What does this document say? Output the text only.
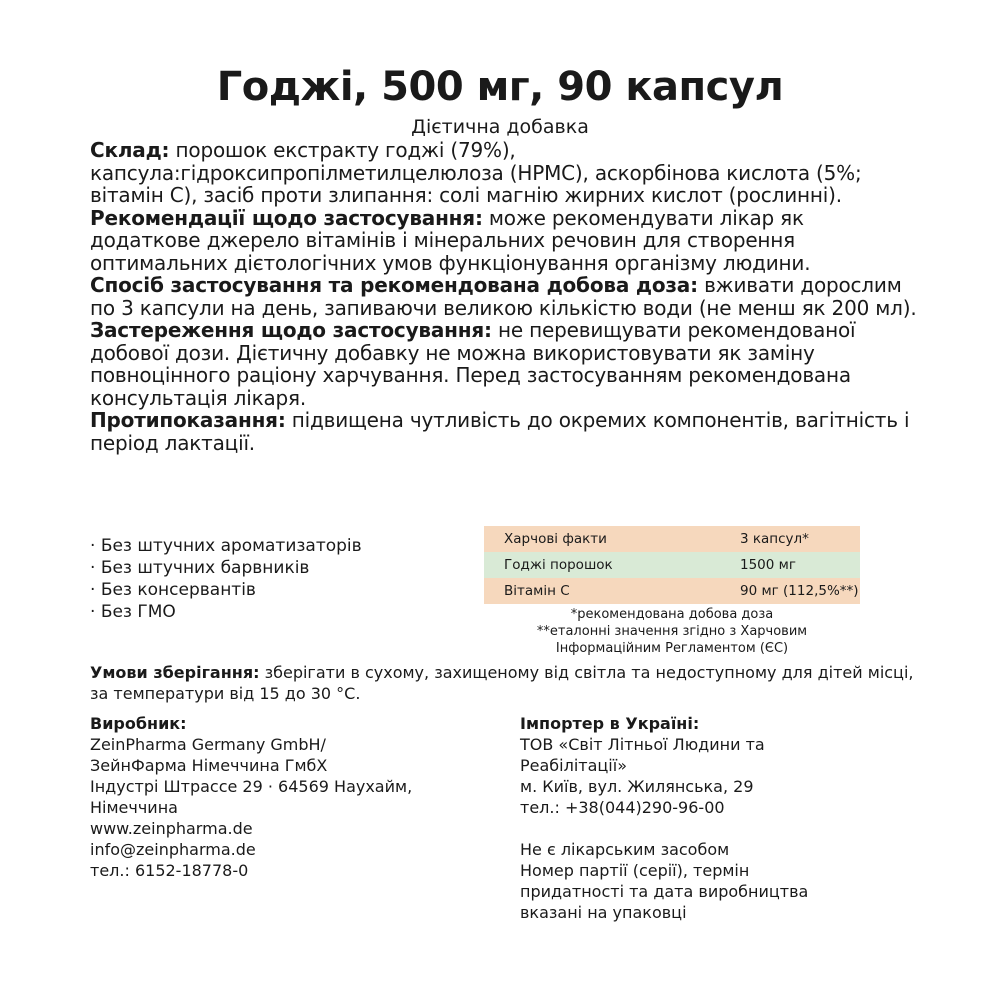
Годжі, 500 мг, 90 капсул
Дієтична добавка

Склад: порошок екстракту годжі (79%), капсула:гідроксипропілметилцелюлоза (HPMC), аскорбінова кислота (5%; вітамін C), засіб проти злипання: солі магнію жирних кислот (рослинні).

Рекомендації щодо застосування: може рекомендувати лікар як додаткове джерело вітамінів і мінеральних речовин для створення оптимальних дієтологічних умов функціонування організму людини.

Спосіб застосування та рекомендована добова доза: вживати дорослим по 3 капсули на день, запиваючи великою кількістю води (не менш як 200 мл).

Застереження щодо застосування: не перевищувати рекомендованої добової дози. Дієтичну добавку не можна використовувати як заміну повноцінного раціону харчування. Перед застосуванням рекомендована консультація лікаря.

Протипоказання: підвищена чутливість до окремих компонентів, вагітність і період лактації.

· Без штучних ароматизаторів
· Без штучних барвників
· Без консервантів
· Без ГМО
Харчові факти	3 капсул*
Годжі порошок	1500 мг
Вітамін С	90 мг (112,5%**)

*рекомендована добова доза

**еталонні значення згідно з Харчовим

Інформаційним Регламентом (ЄС)

Умови зберігання: зберігати в сухому, захищеному від світла та недоступному для дітей місці, за температури від 15 до 30 °С.

Виробник:

ZeinPharma Germany GmbH/

ЗейнФарма Німеччина ГмбХ

Індустрі Штрассе 29 · 64569 Наухайм,

Німеччина

www.zeinpharma.de

info@zeinpharma.de

тел.: 6152-18778-0

Імпортер в Україні:

ТОВ «Світ Літньої Людини та

Реабілітації»

м. Київ, вул. Жилянська, 29

тел.: +38(044)290-96-00

Не є лікарським засобом

Номер партії (серії), термін

придатності та дата виробництва

вказані на упаковці
